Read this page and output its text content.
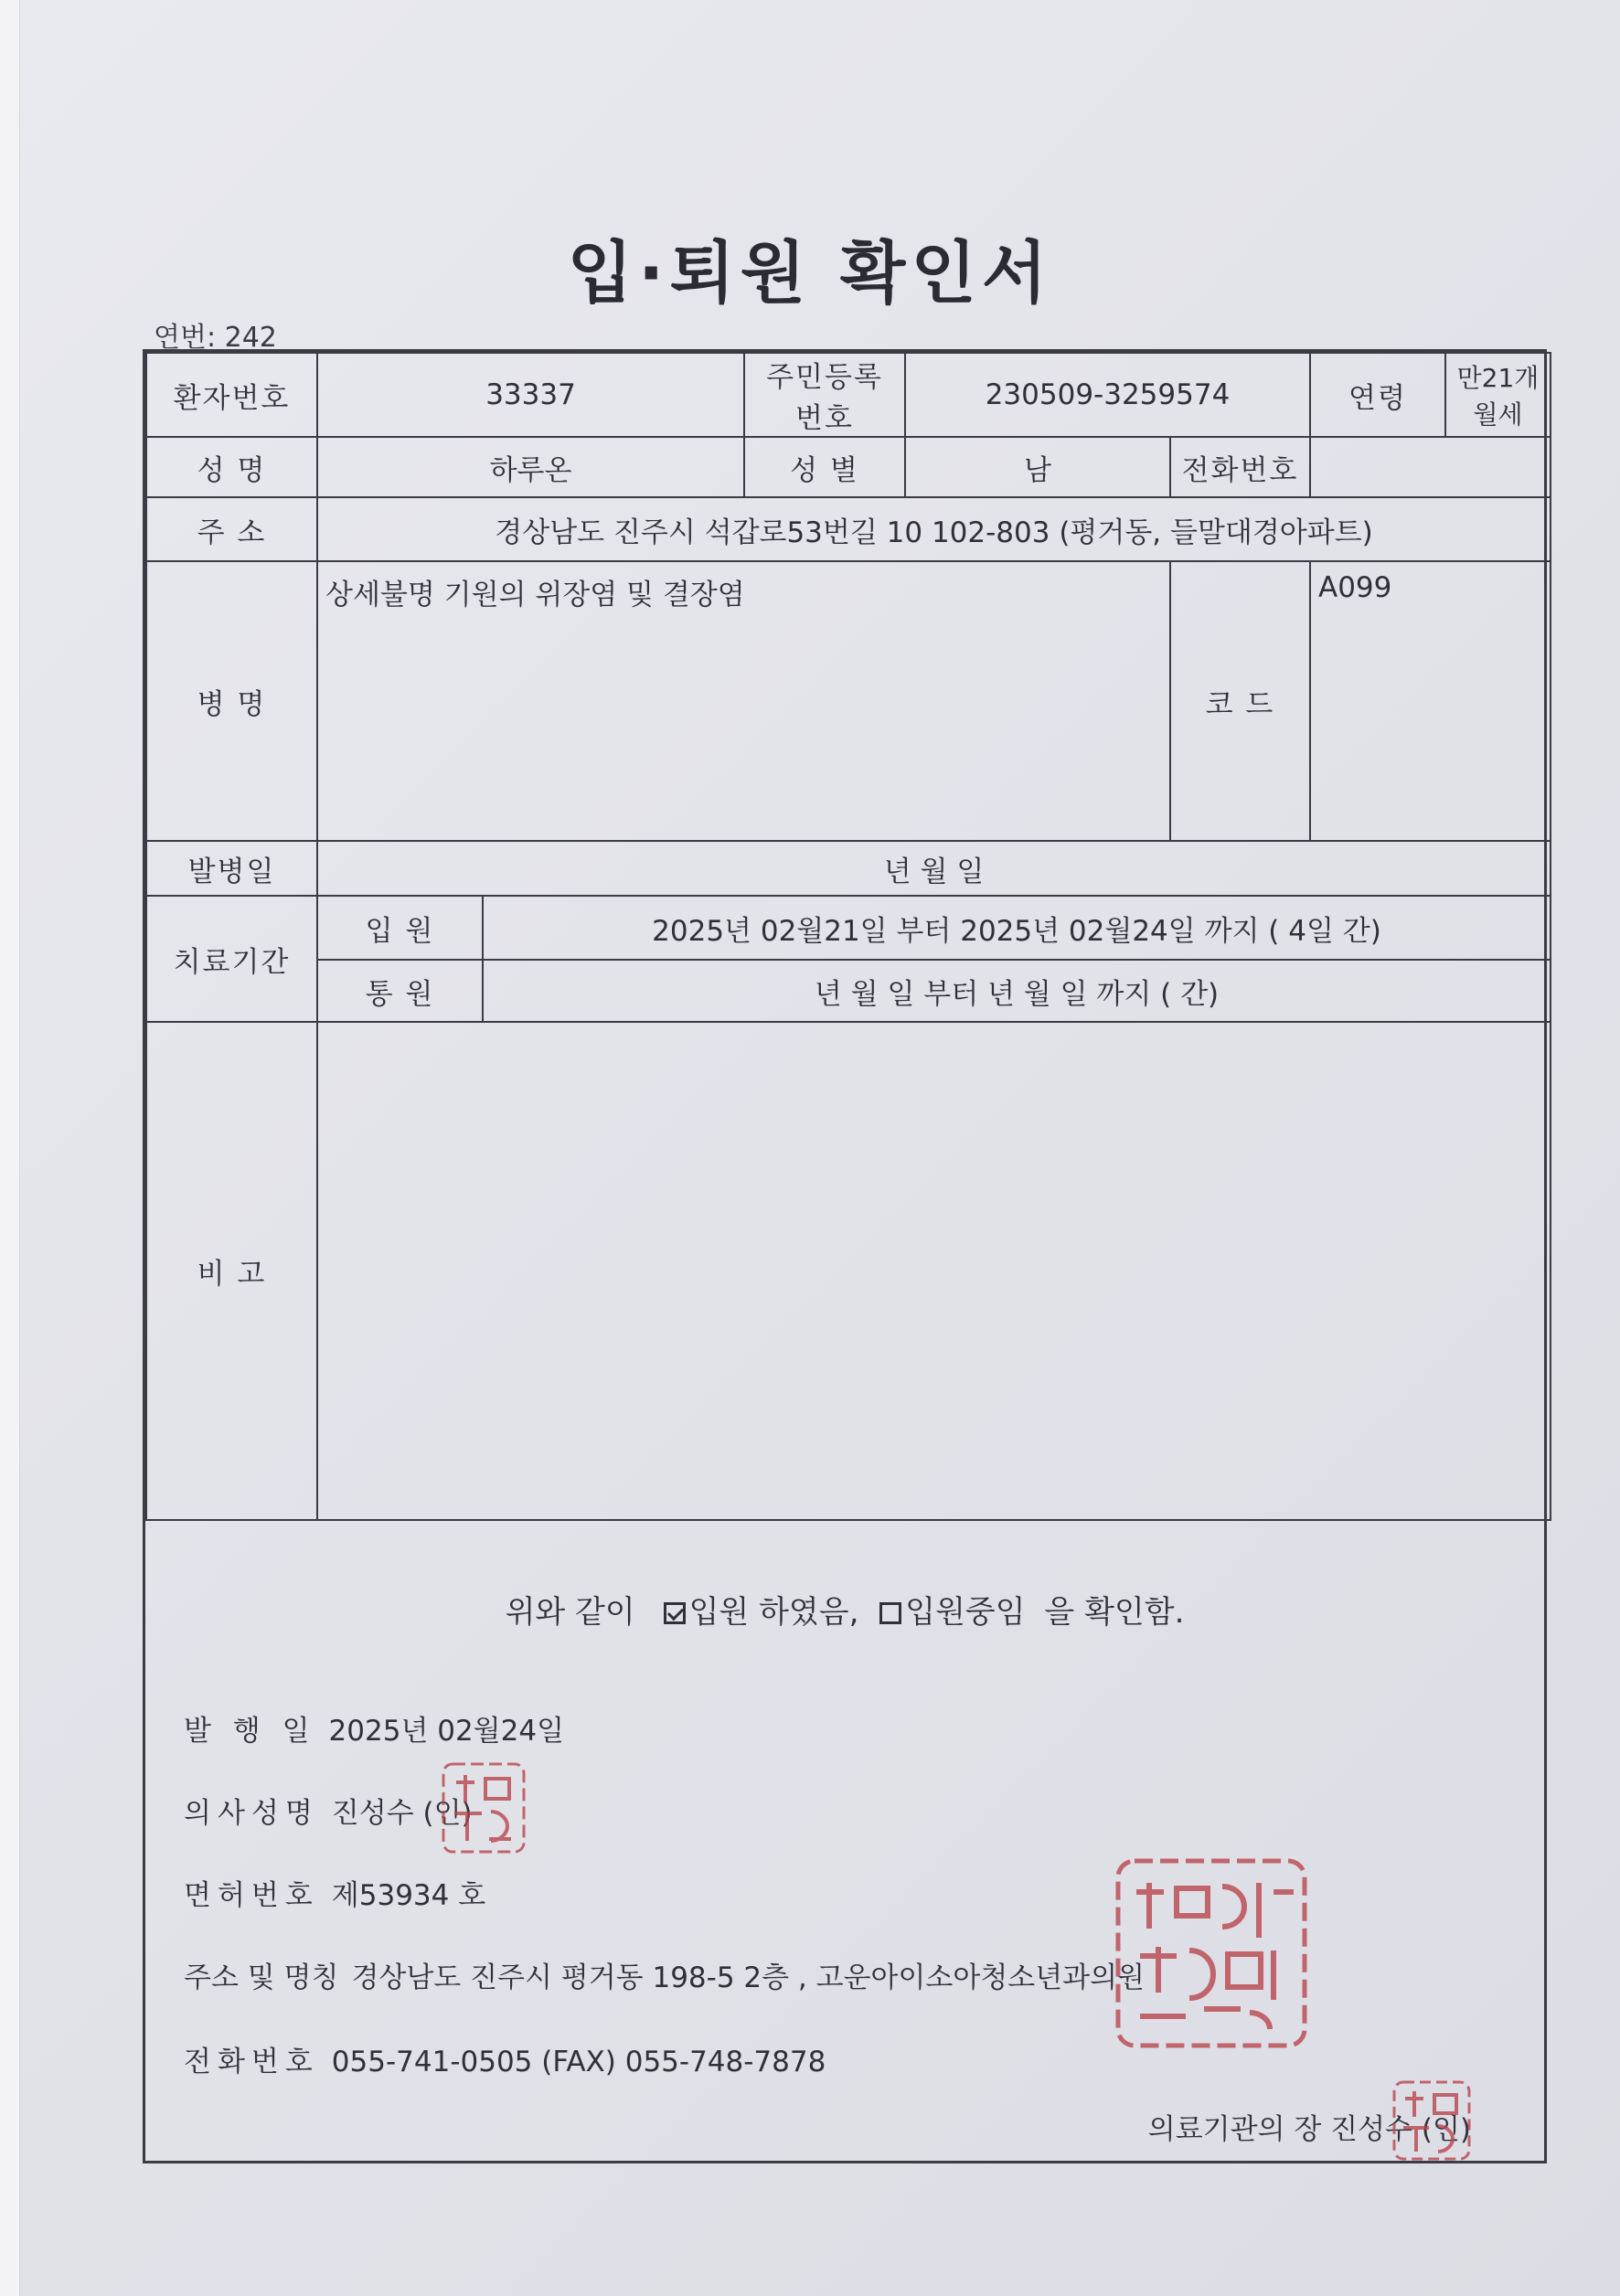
입·퇴원 확인서
연번: 242
환자번호	33337		주민등록번호	230509-3259574		연령	만21개월세
성 명	하루온		성 별	남	전화번호		
주 소	경상남도 진주시 석갑로53번길 10 102-803 (평거동, 들말대경아파트)						
병 명	상세불명 기원의 위장염 및 결장염				코 드	A099	
발병일	년 월 일						
치료기간	입 원	2025년 02월21일 부터 2025년 02월24일 까지 ( 4일 간)					
	통 원	년 월 일 부터 년 월 일 까지 ( 간)					
비 고							
위와 같이 입원 하였음, 입원중임 을 확인함.
발 행 일 2025년 02월24일
의사성명 진성수 (인)
면허번호 제53934 호
주소 및 명칭 경상남도 진주시 평거동 198-5 2층 , 고운아이소아청소년과의원
전화번호 055-741-0505 (FAX) 055-748-7878
의료기관의 장 진성수 (인)
